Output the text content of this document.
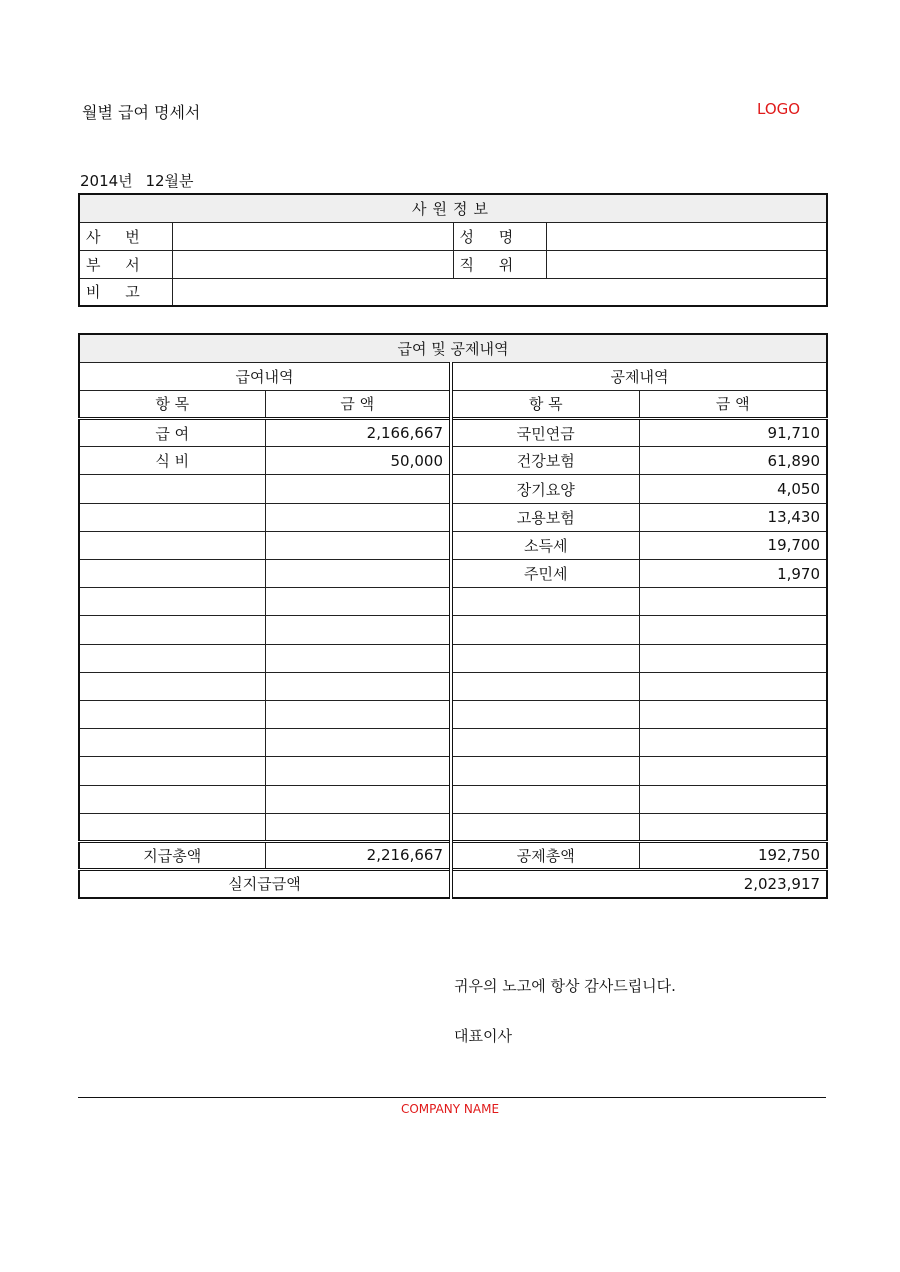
월별 급여 명세서	LOGO
2014년 12월분
사원정보			
사 번		성 명	
부 서		직 위	
비 고			
급여 및 공제내역			
급여내역		공제내역	
항 목	금 액	항 목	금 액
급 여	2,166,667	국민연금	91,710
식 비	50,000	건강보험	61,890
		장기요양	4,050
		고용보험	13,430
		소득세	19,700
		주민세	1,970

지급총액	2,216,667	공제총액	192,750
실지급금액		2,023,917	
귀우의 노고에 항상 감사드립니다.
대표이사
COMPANY NAME
